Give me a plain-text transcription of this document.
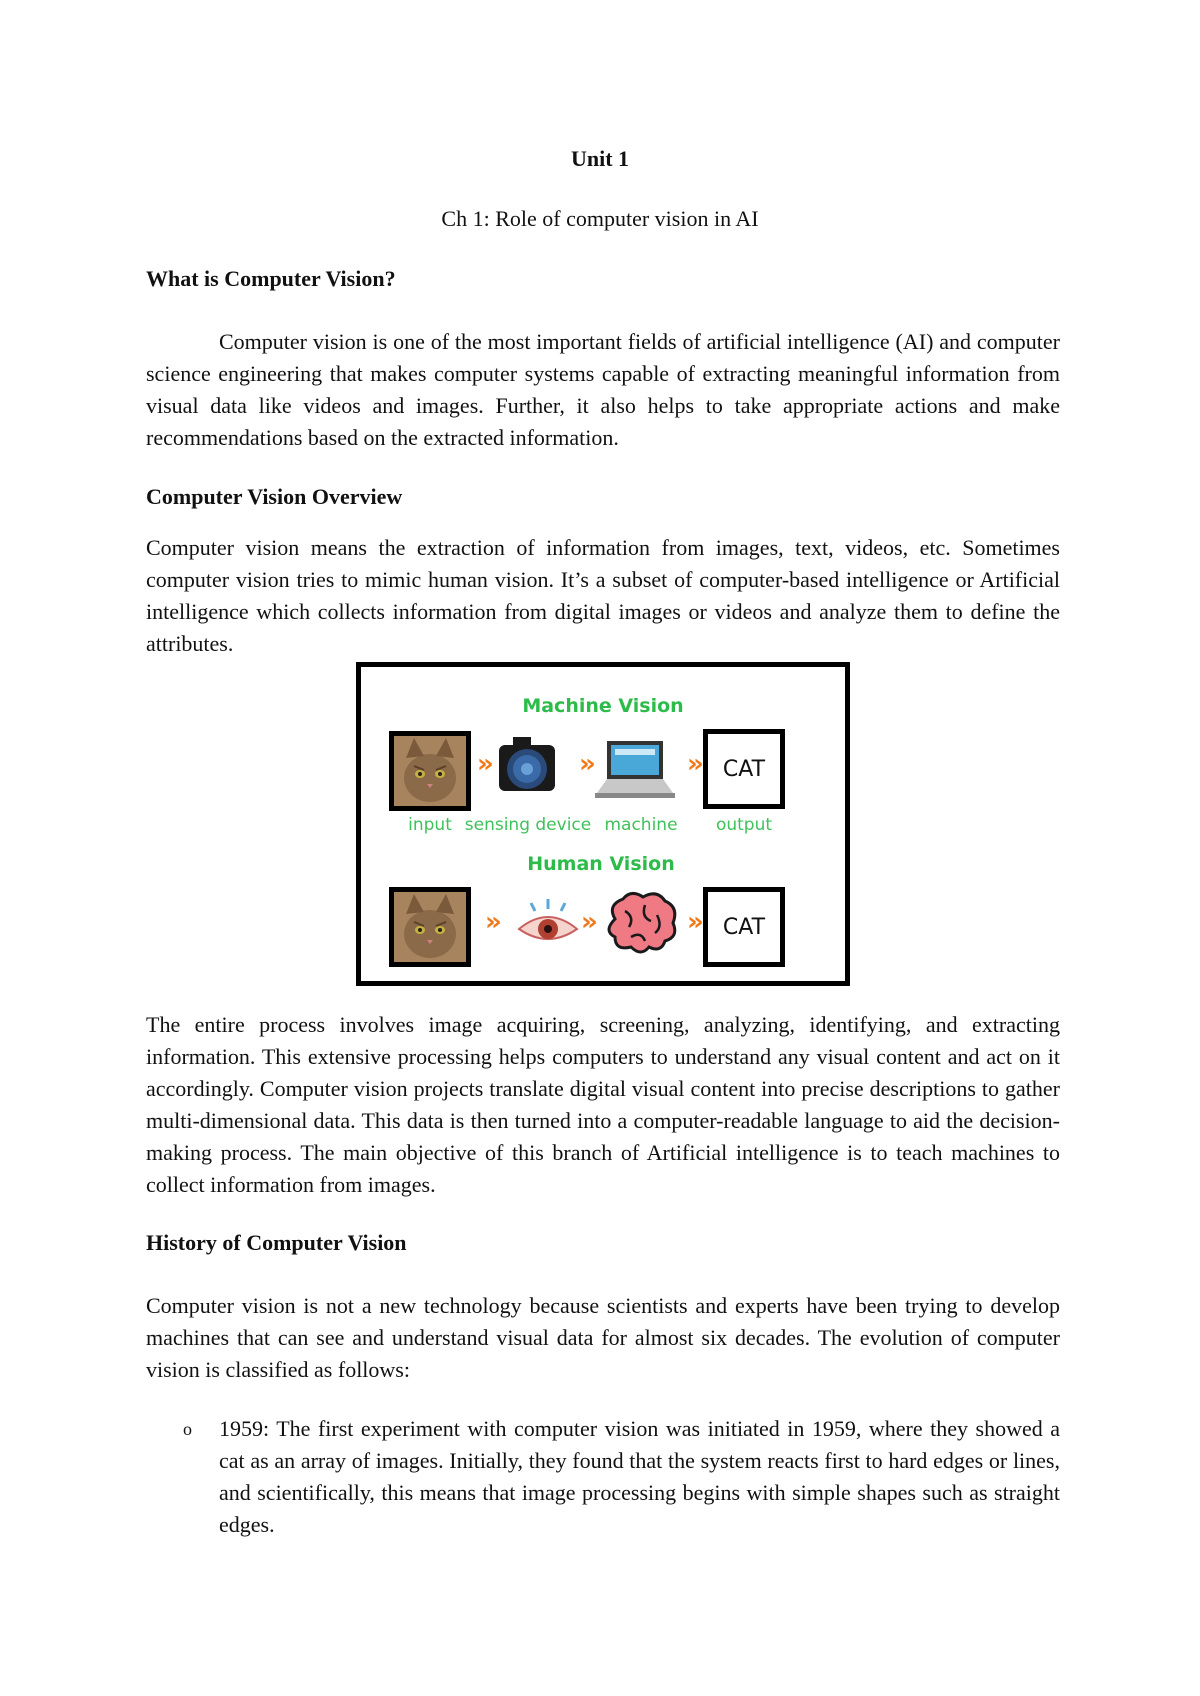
Unit 1
Ch 1: Role of computer vision in AI
What is Computer Vision?

Computer vision is one of the most important fields of artificial intelligence (AI) and computer science engineering that makes computer systems capable of extracting meaningful information from visual data like videos and images. Further, it also helps to take appropriate actions and make recommendations based on the extracted information.

Computer Vision Overview

Computer vision means the extraction of information from images, text, videos, etc. Sometimes computer vision tries to mimic human vision. It’s a subset of computer-based intelligence or Artificial intelligence which collects information from digital images or videos and analyze them to define the attributes.

Machine Vision
»	»	»	CAT
input sensing device machine	output
Human Vision
»	»	»	CAT

The entire process involves image acquiring, screening, analyzing, identifying, and extracting information. This extensive processing helps computers to understand any visual content and act on it accordingly. Computer vision projects translate digital visual content into precise descriptions to gather multi-dimensional data. This data is then turned into a computer-readable language to aid the decision-making process. The main objective of this branch of Artificial intelligence is to teach machines to collect information from images.

History of Computer Vision

Computer vision is not a new technology because scientists and experts have been trying to develop machines that can see and understand visual data for almost six decades. The evolution of computer vision is classified as follows:

o 1959: The first experiment with computer vision was initiated in 1959, where they showed a cat as an array of images. Initially, they found that the system reacts first to hard edges or lines, and scientifically, this means that image processing begins with simple shapes such as straight edges.
